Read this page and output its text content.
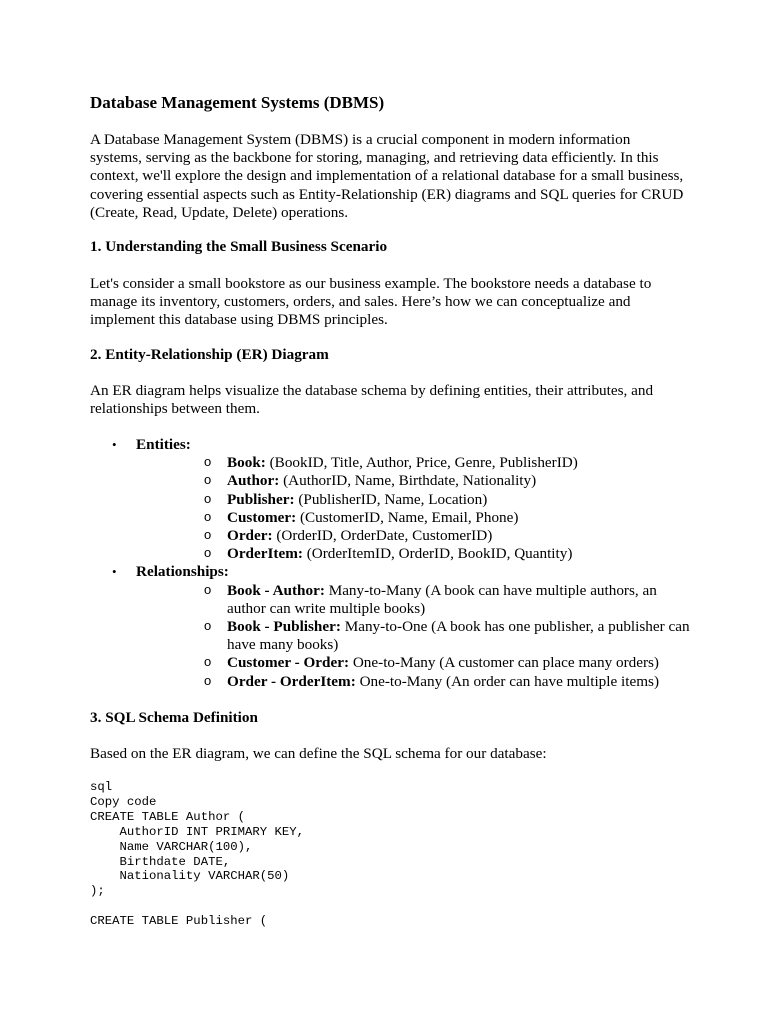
Database Management Systems (DBMS)

A Database Management System (DBMS) is a crucial component in modern information systems, serving as the backbone for storing, managing, and retrieving data efficiently. In this context, we'll explore the design and implementation of a relational database for a small business, covering essential aspects such as Entity-Relationship (ER) diagrams and SQL queries for CRUD (Create, Read, Update, Delete) operations.

1. Understanding the Small Business Scenario

Let's consider a small bookstore as our business example. The bookstore needs a database to manage its inventory, customers, orders, and sales. Here’s how we can conceptualize and implement this database using DBMS principles.

2. Entity-Relationship (ER) Diagram

An ER diagram helps visualize the database schema by defining entities, their attributes, and relationships between them.

• Entities:
o Book: (BookID, Title, Author, Price, Genre, PublisherID)
o Author: (AuthorID, Name, Birthdate, Nationality)
o Publisher: (PublisherID, Name, Location)
o Customer: (CustomerID, Name, Email, Phone)
o Order: (OrderID, OrderDate, CustomerID)
o OrderItem: (OrderItemID, OrderID, BookID, Quantity)
• Relationships:
o Book - Author: Many-to-Many (A book can have multiple authors, an author can write multiple books)
o Book - Publisher: Many-to-One (A book has one publisher, a publisher can have many books)
o Customer - Order: One-to-Many (A customer can place many orders)
o Order - OrderItem: One-to-Many (An order can have multiple items)
3. SQL Schema Definition

Based on the ER diagram, we can define the SQL schema for our database:

sql
Copy code
CREATE TABLE Author (
AuthorID INT PRIMARY KEY,
Name VARCHAR(100),
Birthdate DATE,
Nationality VARCHAR(50)
);

CREATE TABLE Publisher (
